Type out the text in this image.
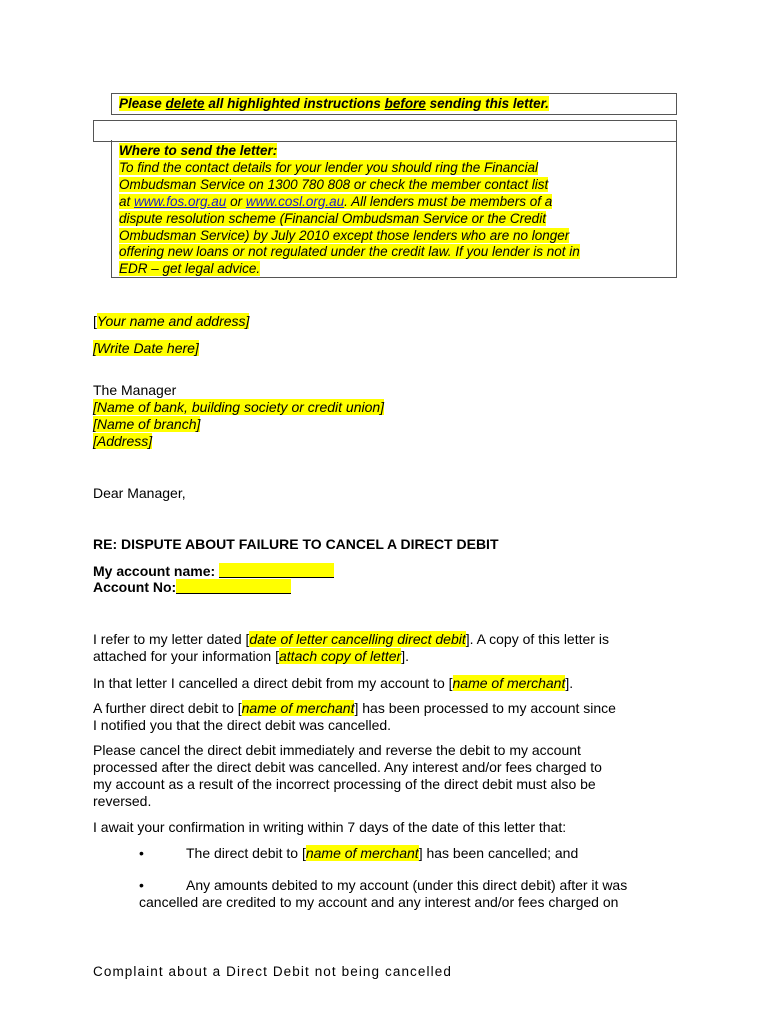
Please delete all highlighted instructions before sending this letter.
Where to send the letter:
To find the contact details for your lender you should ring the Financial
Ombudsman Service on 1300 780 808 or check the member contact list
at www.fos.org.au or www.cosl.org.au. All lenders must be members of a
dispute resolution scheme (Financial Ombudsman Service or the Credit
Ombudsman Service) by July 2010 except those lenders who are no longer
offering new loans or not regulated under the credit law. If you lender is not in
EDR – get legal advice.
[Your name and address]
[Write Date here]
The Manager
[Name of bank, building society or credit union]
[Name of branch]
[Address]
Dear Manager,
RE: DISPUTE ABOUT FAILURE TO CANCEL A DIRECT DEBIT
My account name:
Account No:
I refer to my letter dated [date of letter cancelling direct debit]. A copy of this letter is
attached for your information [attach copy of letter].
In that letter I cancelled a direct debit from my account to [name of merchant].
A further direct debit to [name of merchant] has been processed to my account since
I notified you that the direct debit was cancelled.
Please cancel the direct debit immediately and reverse the debit to my account
processed after the direct debit was cancelled. Any interest and/or fees charged to
my account as a result of the incorrect processing of the direct debit must also be
reversed.
I await your confirmation in writing within 7 days of the date of this letter that:
•	The direct debit to [name of merchant] has been cancelled; and
•	Any amounts debited to my account (under this direct debit) after it was
cancelled are credited to my account and any interest and/or fees charged on
Complaint about a Direct Debit not being cancelled
